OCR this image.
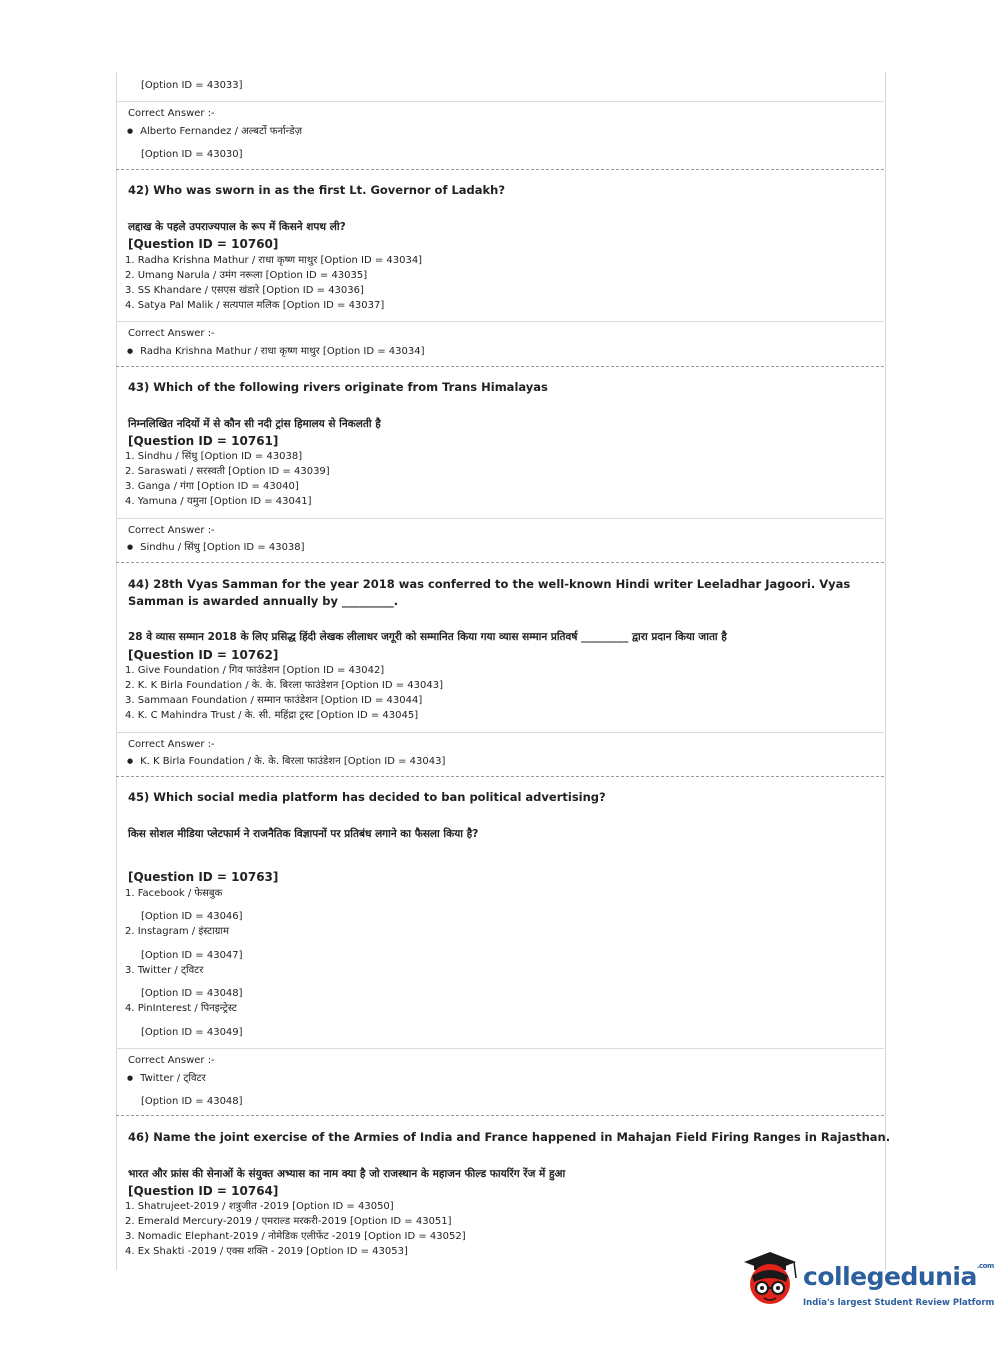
[Option ID = 43033]
Correct Answer :-
● Alberto Fernandez / अल्बर्टो फर्नान्डेज़
[Option ID = 43030]
42) Who was sworn in as the first Lt. Governor of Ladakh?
लद्दाख के पहले उपराज्यपाल के रूप में किसने शपथ ली?
[Question ID = 10760]
1. Radha Krishna Mathur / राधा कृष्ण माथुर [Option ID = 43034]
2. Umang Narula / उमंग नरूला [Option ID = 43035]
3. SS Khandare / एसएस खंडारे [Option ID = 43036]
4. Satya Pal Malik / सत्यपाल मलिक [Option ID = 43037]
Correct Answer :-
● Radha Krishna Mathur / राधा कृष्ण माथुर [Option ID = 43034]
43) Which of the following rivers originate from Trans Himalayas
निम्नलिखित नदियों में से कौन सी नदी ट्रांस हिमालय से निकलती है
[Question ID = 10761]
1. Sindhu / सिंधु [Option ID = 43038]
2. Saraswati / सरस्वती [Option ID = 43039]
3. Ganga / गंगा [Option ID = 43040]
4. Yamuna / यमुना [Option ID = 43041]
Correct Answer :-
● Sindhu / सिंधु [Option ID = 43038]
44) 28th Vyas Samman for the year 2018 was conferred to the well-known Hindi writer Leeladhar Jagoori. Vyas Samman is awarded annually by _________.
28 वे व्यास सम्मान 2018 के लिए प्रसिद्ध हिंदी लेखक लीलाधर जगूरी को सम्मानित किया गया व्यास सम्मान प्रतिवर्ष _________ द्वारा प्रदान किया जाता है
[Question ID = 10762]
1. Give Foundation / गिव फाउंडेशन [Option ID = 43042]
2. K. K Birla Foundation / के. के. बिरला फाउंडेशन [Option ID = 43043]
3. Sammaan Foundation / सम्मान फाउंडेशन [Option ID = 43044]
4. K. C Mahindra Trust / के. सी. महिंद्रा ट्रस्ट [Option ID = 43045]
Correct Answer :-
● K. K Birla Foundation / के. के. बिरला फाउंडेशन [Option ID = 43043]
45) Which social media platform has decided to ban political advertising?
किस सोशल मीडिया प्लेटफार्म ने राजनैतिक विज्ञापनों पर प्रतिबंध लगाने का फैसला किया है?
[Question ID = 10763]
1. Facebook / फेसबुक
[Option ID = 43046]
2. Instagram / इंस्टाग्राम
[Option ID = 43047]
3. Twitter / ट्विटर
[Option ID = 43048]
4. PinInterest / पिनइन्ट्रेस्ट
[Option ID = 43049]
Correct Answer :-
● Twitter / ट्विटर
[Option ID = 43048]
46) Name the joint exercise of the Armies of India and France happened in Mahajan Field Firing Ranges in Rajasthan.
भारत और फ्रांस की सेनाओं के संयुक्त अभ्यास का नाम क्या है जो राजस्थान के महाजन फील्ड फायरिंग रेंज में हुआ
[Question ID = 10764]
1. Shatrujeet-2019 / शत्रुजीत -2019 [Option ID = 43050]
2. Emerald Mercury-2019 / एमराल्ड मरकरी-2019 [Option ID = 43051]
3. Nomadic Elephant-2019 / नोमेडिक एलीफेंट -2019 [Option ID = 43052]
4. Ex Shakti -2019 / एक्स शक्ति - 2019 [Option ID = 43053]
collegedunia$^{.com}$
India's largest Student Review Platform
